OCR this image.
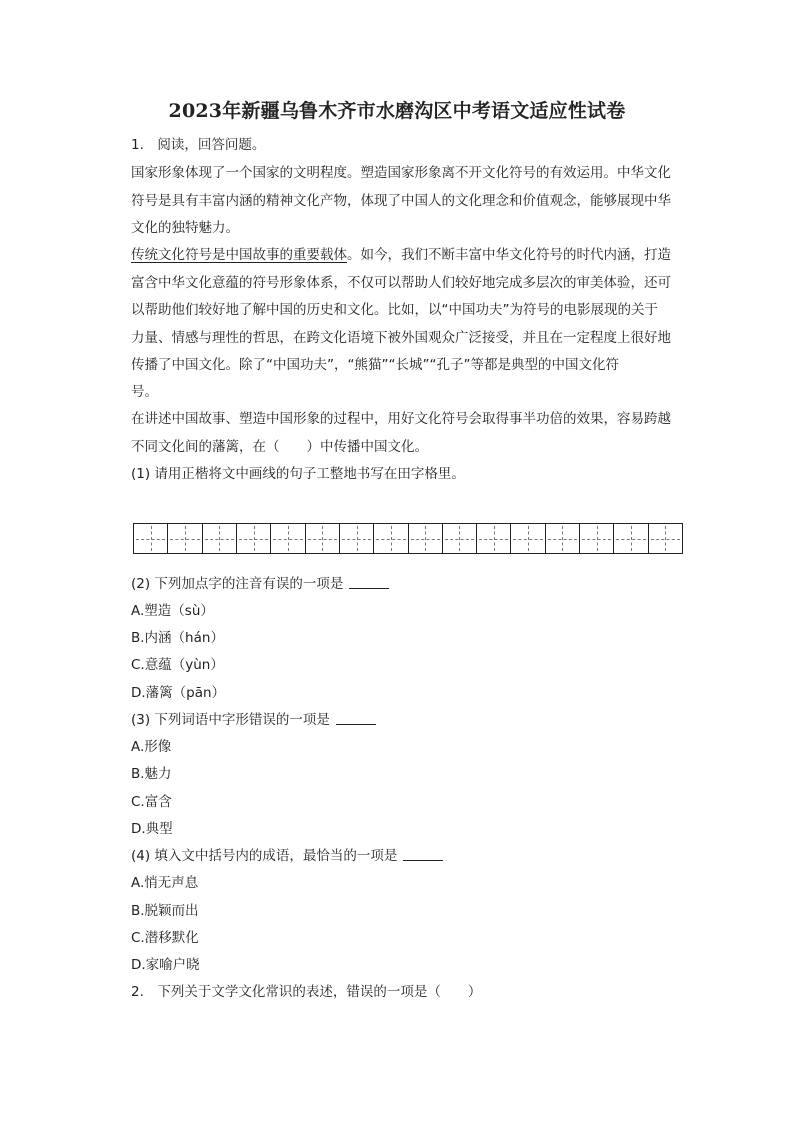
2023年新疆乌鲁木齐市水磨沟区中考语文适应性试卷
1.　阅读，回答问题。
国家形象体现了一个国家的文明程度。塑造国家形象离不开文化符号的有效运用。中华文化
符号是具有丰富内涵的精神文化产物，体现了中国人的文化理念和价值观念，能够展现中华
文化的独特魅力。
传统文化符号是中国故事的重要载体。如今，我们不断丰富中华文化符号的时代内涵，打造
富含中华文化意蕴的符号形象体系，不仅可以帮助人们较好地完成多层次的审美体验，还可
以帮助他们较好地了解中国的历史和文化。比如，以“中国功夫”为符号的电影展现的关于
力量、情感与理性的哲思，在跨文化语境下被外国观众广泛接受，并且在一定程度上很好地
传播了中国文化。除了“中国功夫”，“熊猫”“长城”“孔子”等都是典型的中国文化符
号。
在讲述中国故事、塑造中国形象的过程中，用好文化符号会取得事半功倍的效果，容易跨越
不同文化间的藩篱，在（　　）中传播中国文化。
(1) 请用正楷将文中画线的句子工整地书写在田字格里。
(2) 下列加点字的注音有误的一项是
A.塑造（sù）
B.内涵（hán）
C.意蕴（yùn）
D.藩篱（pān）
(3) 下列词语中字形错误的一项是
A.形像
B.魅力
C.富含
D.典型
(4) 填入文中括号内的成语，最恰当的一项是
A.悄无声息
B.脱颖而出
C.潜移默化
D.家喻户晓
2.　下列关于文学文化常识的表述，错误的一项是（　　）
